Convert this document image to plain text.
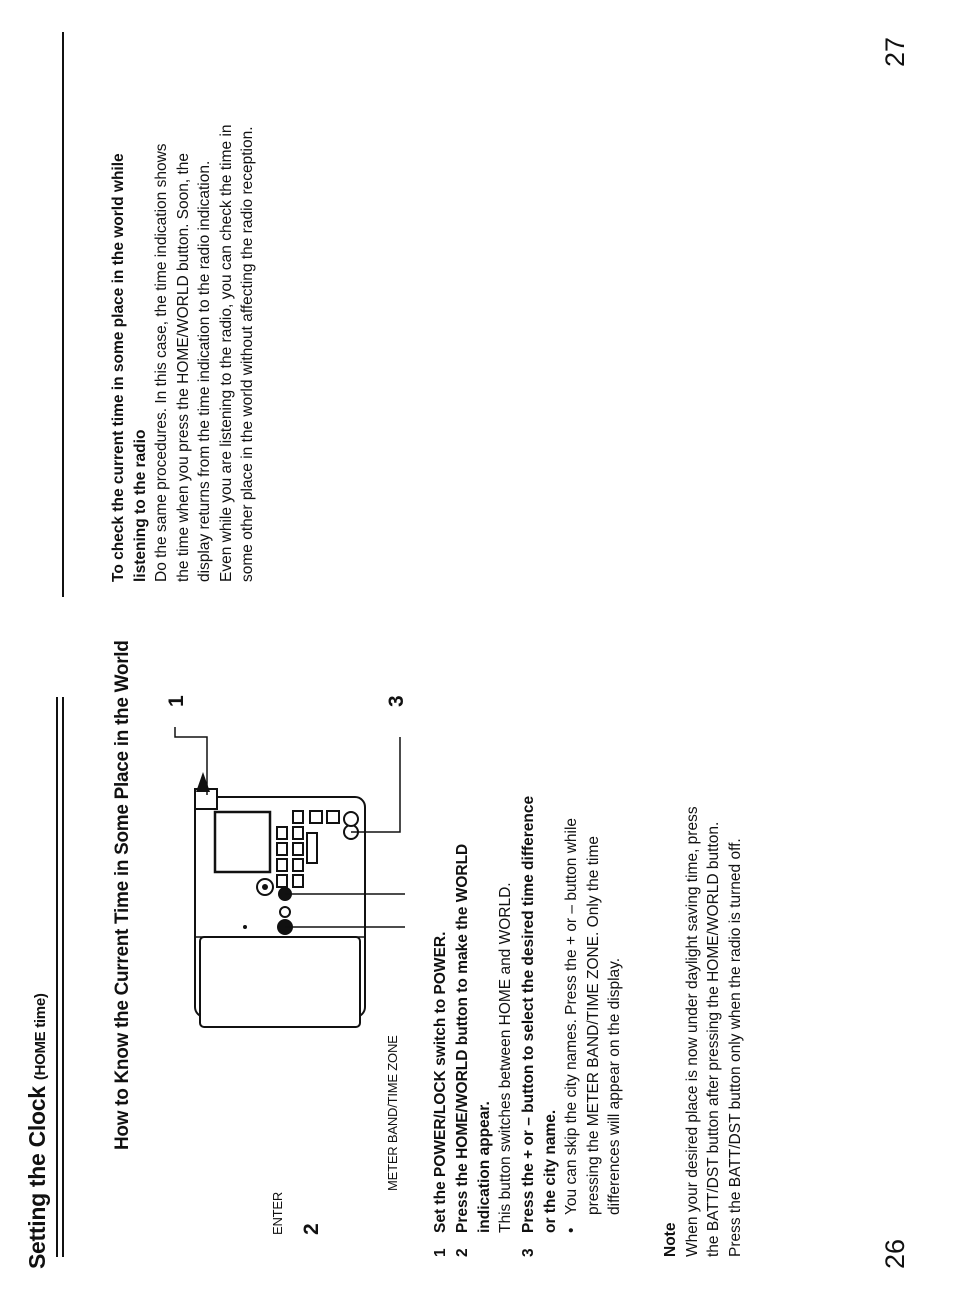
Setting the Clock (HOME time)	How to Know the Current Time in Some Place in the World 1
ENTER 2
METER BAND/TIME ZONE
3
1
Set the POWER/LOCK switch to POWER.
2
Press the HOME/WORLD button to make the WORLD indication appear. This button switches between HOME and WORLD.
3
Press the + or – button to select the desired time difference or the city name. •
You can skip the city names. Press the + or – button while pressing the METER BAND/TIME ZONE. Only the time differences will appear on the display.
Note When your desired place is now under daylight saving time, press the BATT/DST button after pressing the HOME/WORLD button. Press the BATT/DST button only when the radio is turned off.	26
To check the current time in some place in the world while listening to the radio Do the same procedures. In this case, the time indication shows the time when you press the HOME/WORLD button. Soon, the display returns from the time indication to the radio indication. Even while you are listening to the radio, you can check the time in some other place in the world without affecting the radio reception.
27
